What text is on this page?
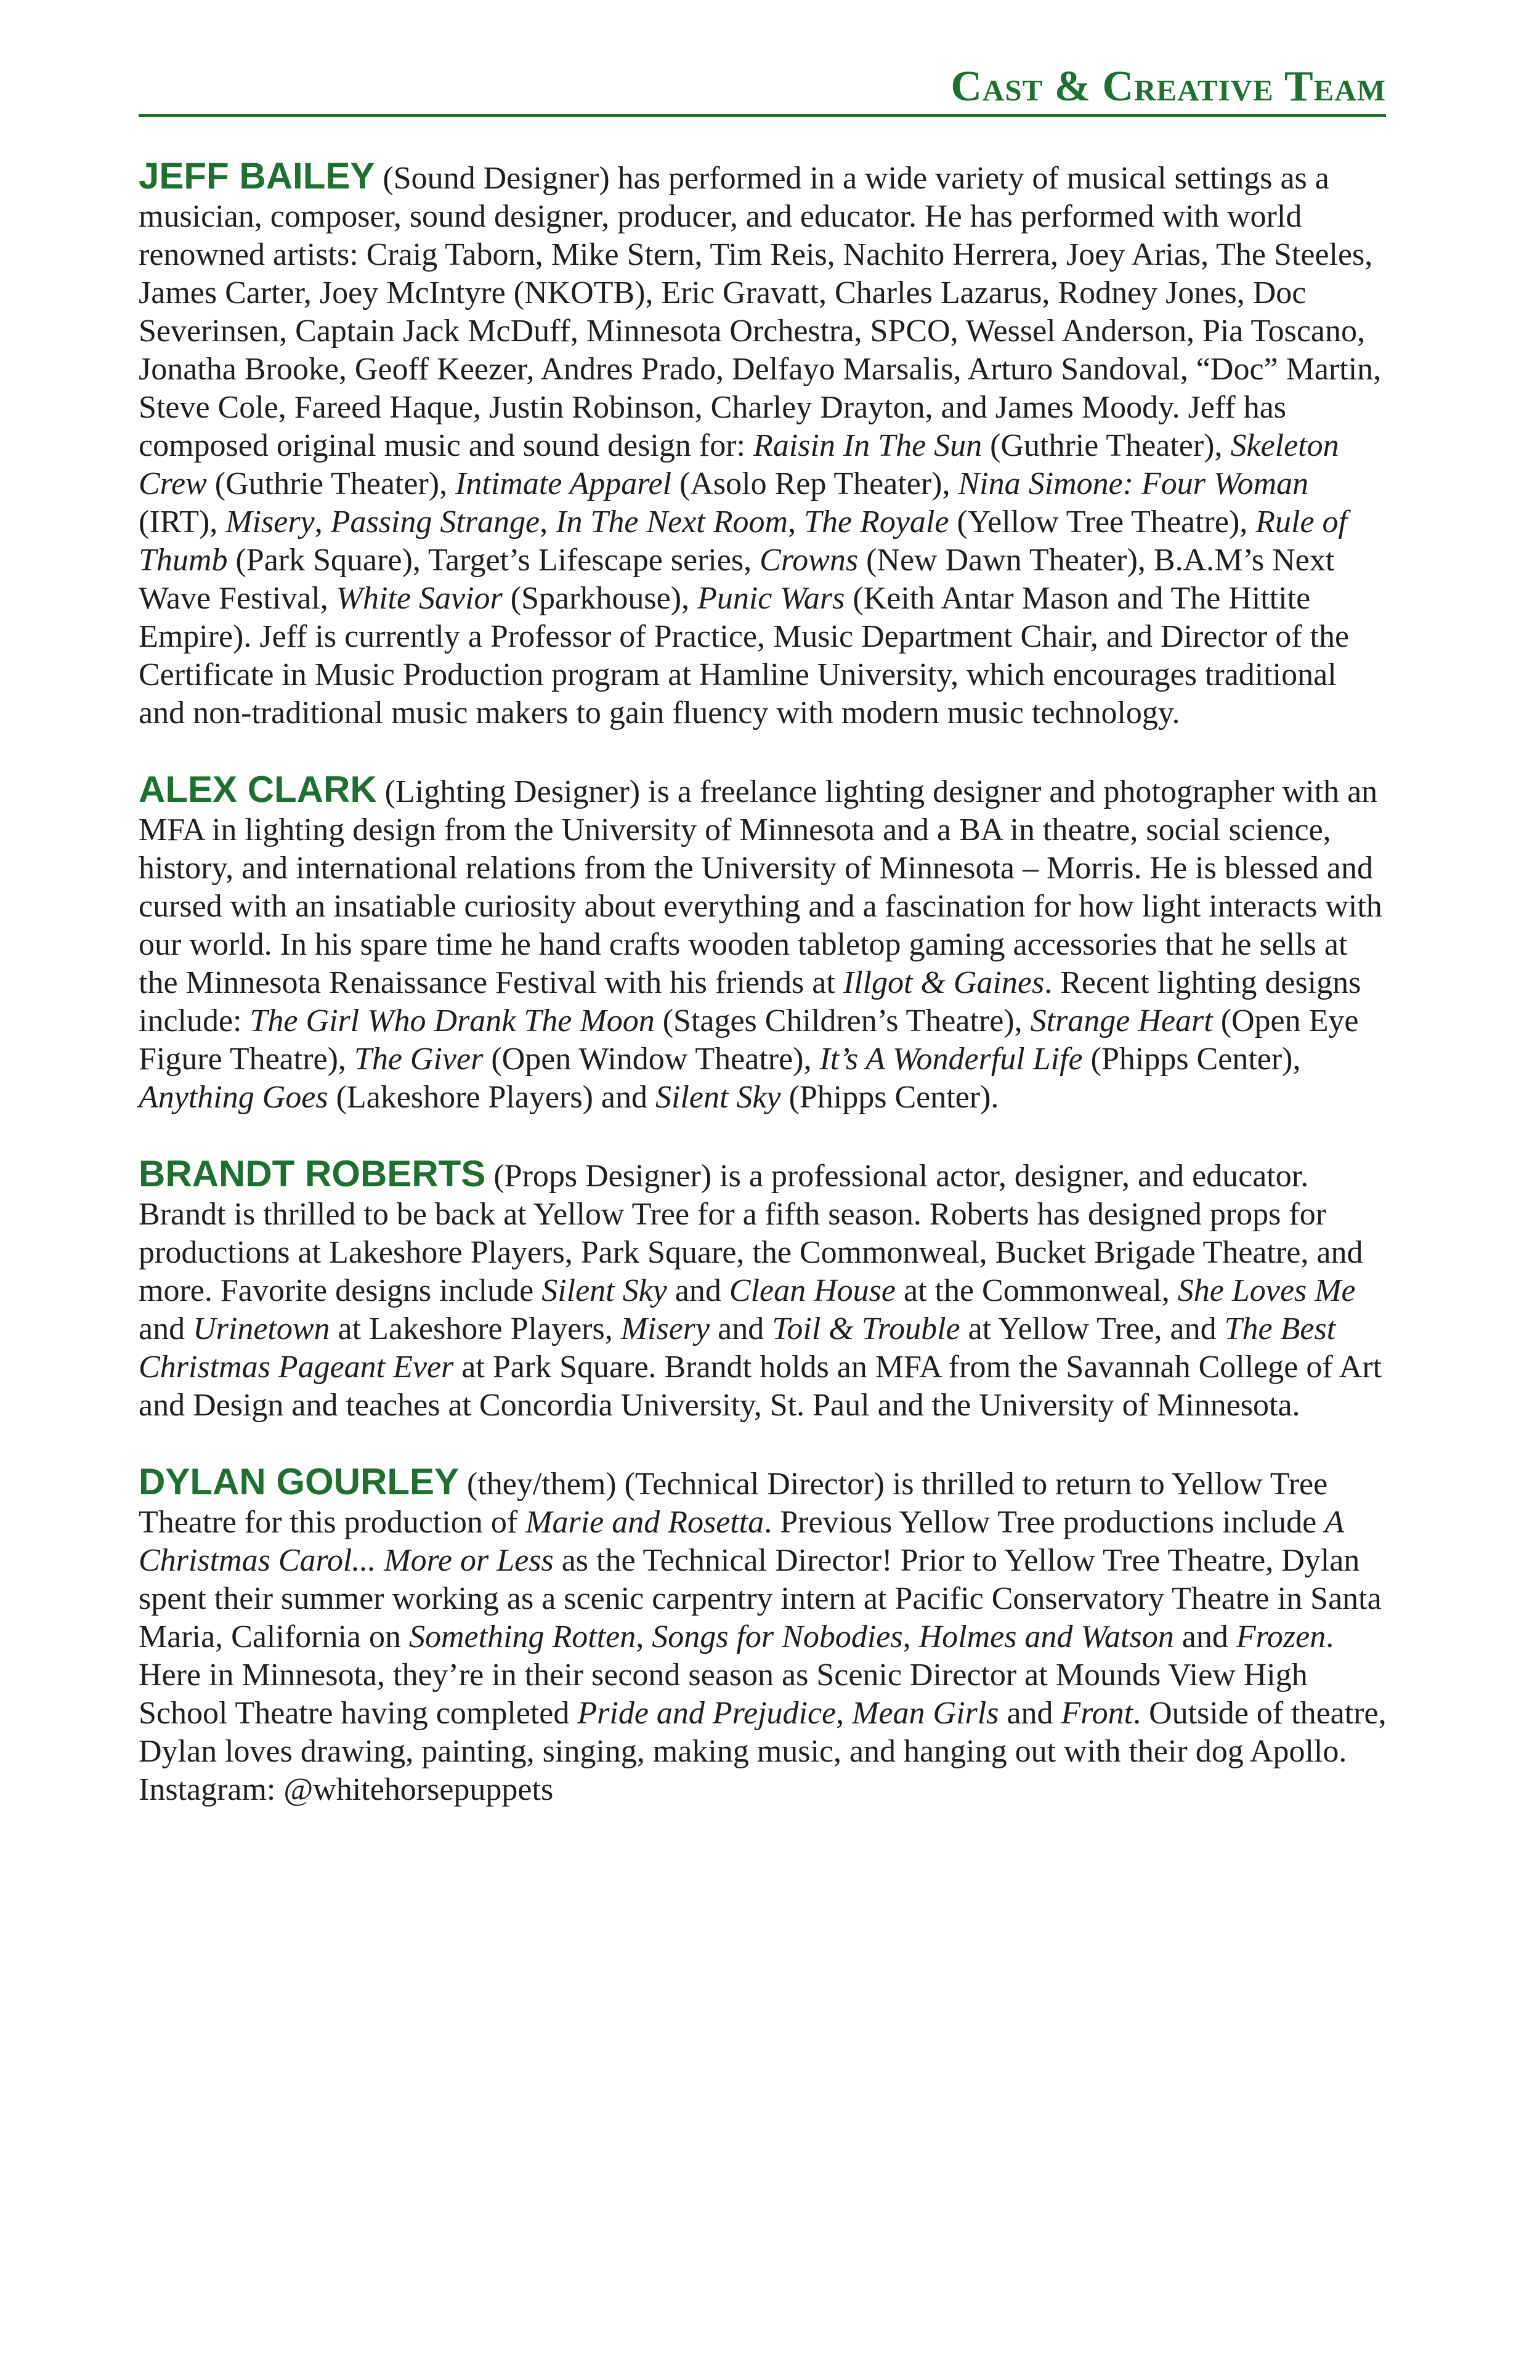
Cast & Creative Team

JEFF BAILEY (Sound Designer) has performed in a wide variety of musical settings as a musician, composer, sound designer, producer, and educator. He has performed with world renowned artists: Craig Taborn, Mike Stern, Tim Reis, Nachito Herrera, Joey Arias, The Steeles, James Carter, Joey McIntyre (NKOTB), Eric Gravatt, Charles Lazarus, Rodney Jones, Doc Severinsen, Captain Jack McDuff, Minnesota Orchestra, SPCO, Wessel Anderson, Pia Toscano, Jonatha Brooke, Geoff Keezer, Andres Prado, Delfayo Marsalis, Arturo Sandoval, “Doc” Martin, Steve Cole, Fareed Haque, Justin Robinson, Charley Drayton, and James Moody. Jeff has composed original music and sound design for: Raisin In The Sun (Guthrie Theater), Skeleton Crew (Guthrie Theater), Intimate Apparel (Asolo Rep Theater), Nina Simone: Four Woman (IRT), Misery, Passing Strange, In The Next Room, The Royale (Yellow Tree Theatre), Rule of Thumb (Park Square), Target’s Lifescape series, Crowns (New Dawn Theater), B.A.M’s Next Wave Festival, White Savior (Sparkhouse), Punic Wars (Keith Antar Mason and The Hittite Empire). Jeff is currently a Professor of Practice, Music Department Chair, and Director of the Certificate in Music Production program at Hamline University, which encourages traditional and non-traditional music makers to gain fluency with modern music technology.

ALEX CLARK (Lighting Designer) is a freelance lighting designer and photographer with an MFA in lighting design from the University of Minnesota and a BA in theatre, social science, history, and international relations from the University of Minnesota – Morris. He is blessed and cursed with an insatiable curiosity about everything and a fascination for how light interacts with our world. In his spare time he hand crafts wooden tabletop gaming accessories that he sells at the Minnesota Renaissance Festival with his friends at Illgot & Gaines. Recent lighting designs include: The Girl Who Drank The Moon (Stages Children’s Theatre), Strange Heart (Open Eye Figure Theatre), The Giver (Open Window Theatre), It’s A Wonderful Life (Phipps Center), Anything Goes (Lakeshore Players) and Silent Sky (Phipps Center).

BRANDT ROBERTS (Props Designer) is a professional actor, designer, and educator. Brandt is thrilled to be back at Yellow Tree for a fifth season. Roberts has designed props for productions at Lakeshore Players, Park Square, the Commonweal, Bucket Brigade Theatre, and more. Favorite designs include Silent Sky and Clean House at the Commonweal, She Loves Me and Urinetown at Lakeshore Players, Misery and Toil & Trouble at Yellow Tree, and The Best Christmas Pageant Ever at Park Square. Brandt holds an MFA from the Savannah College of Art and Design and teaches at Concordia University, St. Paul and the University of Minnesota.

DYLAN GOURLEY (they/them) (Technical Director) is thrilled to return to Yellow Tree Theatre for this production of Marie and Rosetta. Previous Yellow Tree productions include A Christmas Carol... More or Less as the Technical Director! Prior to Yellow Tree Theatre, Dylan spent their summer working as a scenic carpentry intern at Pacific Conservatory Theatre in Santa Maria, California on Something Rotten, Songs for Nobodies, Holmes and Watson and Frozen. Here in Minnesota, they’re in their second season as Scenic Director at Mounds View High School Theatre having completed Pride and Prejudice, Mean Girls and Front. Outside of theatre, Dylan loves drawing, painting, singing, making music, and hanging out with their dog Apollo. Instagram: @whitehorsepuppets
